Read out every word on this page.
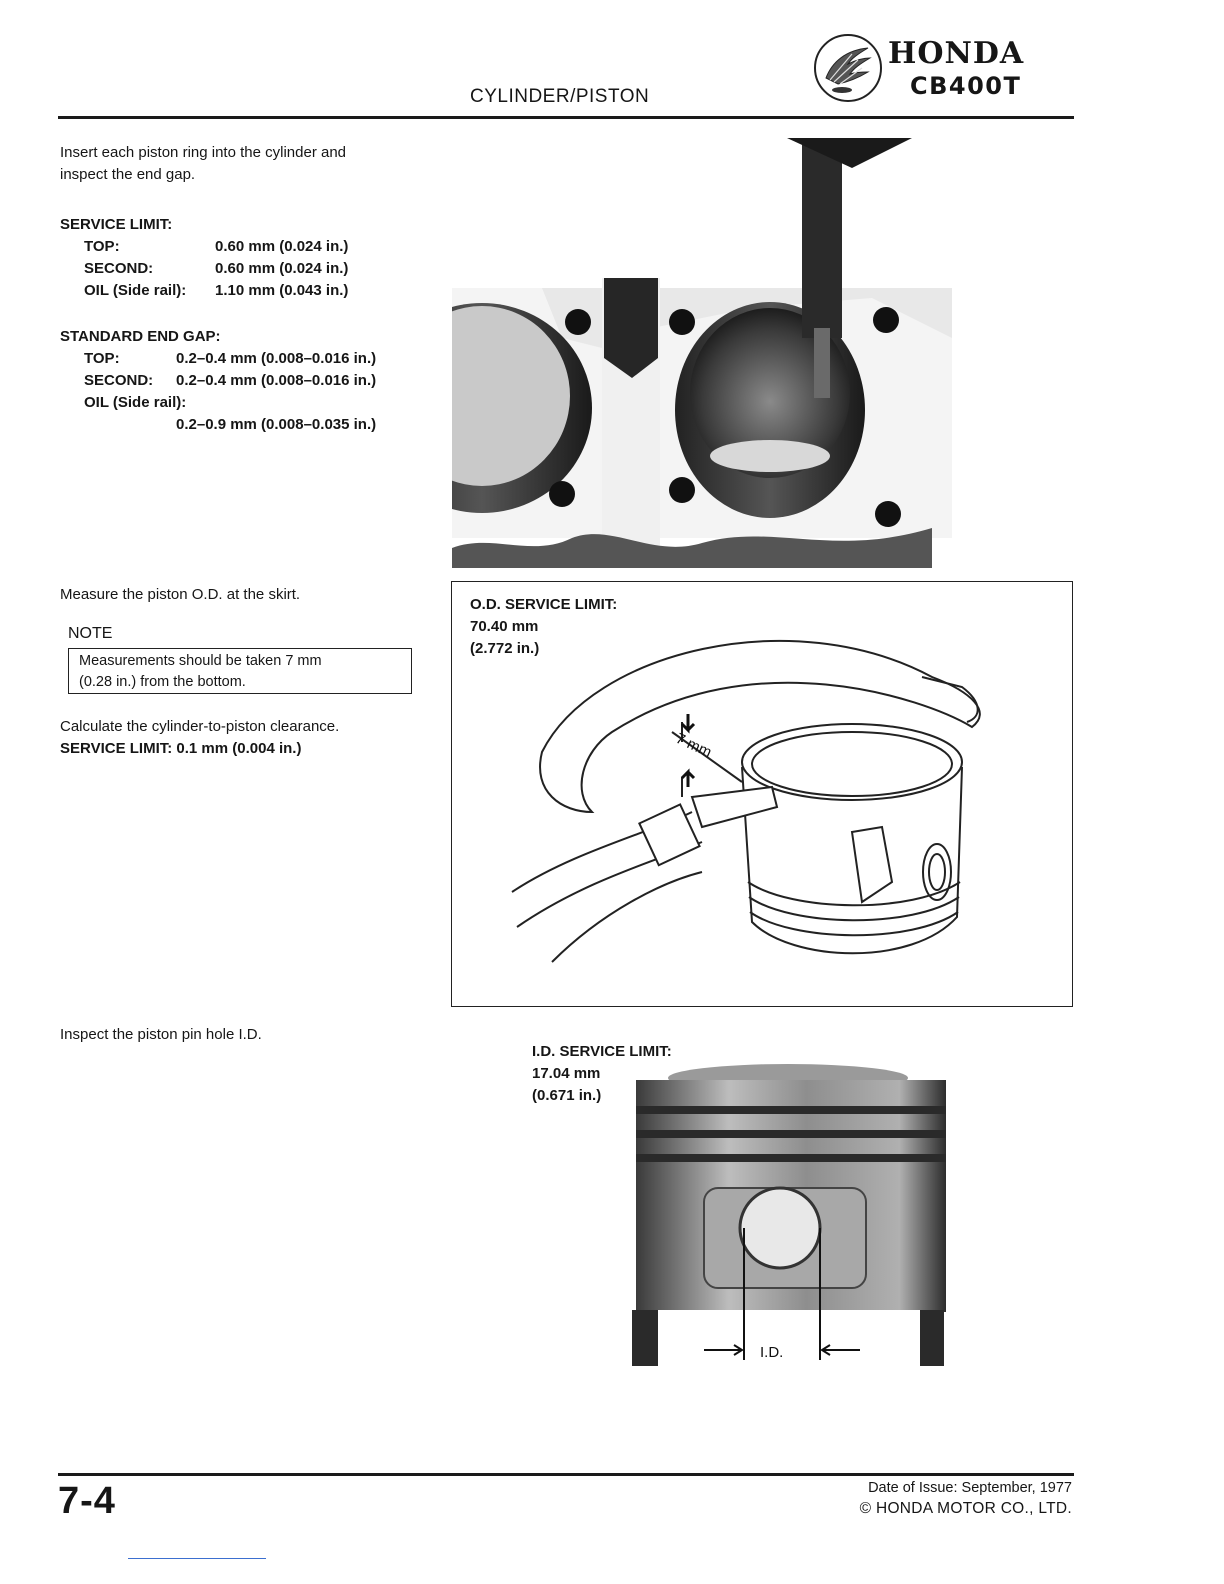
CYLINDER/PISTON
HONDA
CB400T

Insert each piston ring into the cylinder and

inspect the end gap.

SERVICE LIMIT:

TOP:	0.60 mm (0.024 in.)
SECOND:	0.60 mm (0.024 in.)
OIL (Side rail): 1.10 mm (0.043 in.)

STANDARD END GAP:

TOP:	0.2–0.4 mm (0.008–0.016 in.)
SECOND: 0.2–0.4 mm (0.008–0.016 in.)
OIL (Side rail):
0.2–0.9 mm (0.008–0.035 in.)
Measure the piston O.D. at the skirt.
NOTE
Measurements should be taken 7 mm
(0.28 in.) from the bottom.

Calculate the cylinder-to-piston clearance.

SERVICE LIMIT: 0.1 mm (0.004 in.)

O.D. SERVICE LIMIT:
70.40 mm
(2.772 in.)
7 mm
Inspect the piston pin hole I.D.
I.D. SERVICE LIMIT:
17.04 mm
(0.671 in.)
I.D.
7-4	Date of Issue: September, 1977
© HONDA MOTOR CO., LTD.
